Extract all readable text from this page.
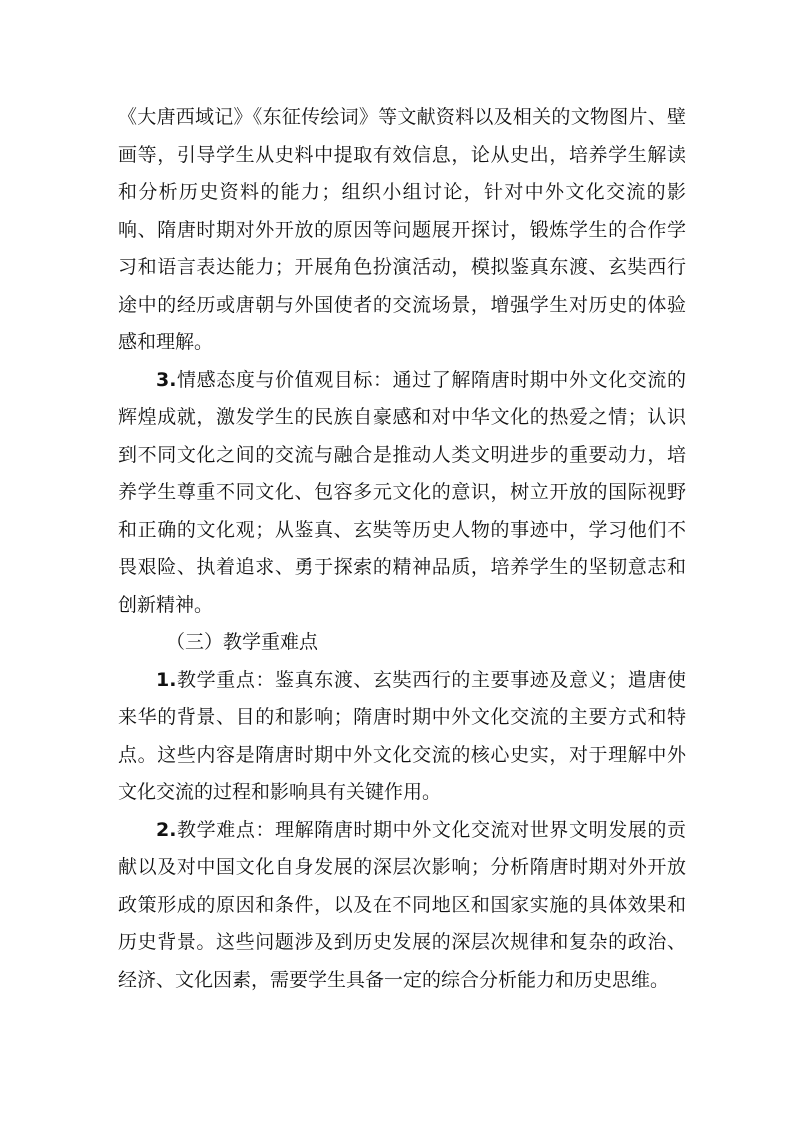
《大唐西域记》《东征传绘词》等文献资料以及相关的文物图片、壁画等，引导学生从史料中提取有效信息，论从史出，培养学生解读和分析历史资料的能力；组织小组讨论，针对中外文化交流的影响、隋唐时期对外开放的原因等问题展开探讨，锻炼学生的合作学习和语言表达能力；开展角色扮演活动，模拟鉴真东渡、玄奘西行途中的经历或唐朝与外国使者的交流场景，增强学生对历史的体验感和理解。

3.情感态度与价值观目标：通过了解隋唐时期中外文化交流的辉煌成就，激发学生的民族自豪感和对中华文化的热爱之情；认识到不同文化之间的交流与融合是推动人类文明进步的重要动力，培养学生尊重不同文化、包容多元文化的意识，树立开放的国际视野和正确的文化观；从鉴真、玄奘等历史人物的事迹中，学习他们不畏艰险、执着追求、勇于探索的精神品质，培养学生的坚韧意志和创新精神。

（三）教学重难点

1.教学重点：鉴真东渡、玄奘西行的主要事迹及意义；遣唐使来华的背景、目的和影响；隋唐时期中外文化交流的主要方式和特点。这些内容是隋唐时期中外文化交流的核心史实，对于理解中外文化交流的过程和影响具有关键作用。

2.教学难点：理解隋唐时期中外文化交流对世界文明发展的贡献以及对中国文化自身发展的深层次影响；分析隋唐时期对外开放政策形成的原因和条件，以及在不同地区和国家实施的具体效果和历史背景。这些问题涉及到历史发展的深层次规律和复杂的政治、经济、文化因素，需要学生具备一定的综合分析能力和历史思维。
